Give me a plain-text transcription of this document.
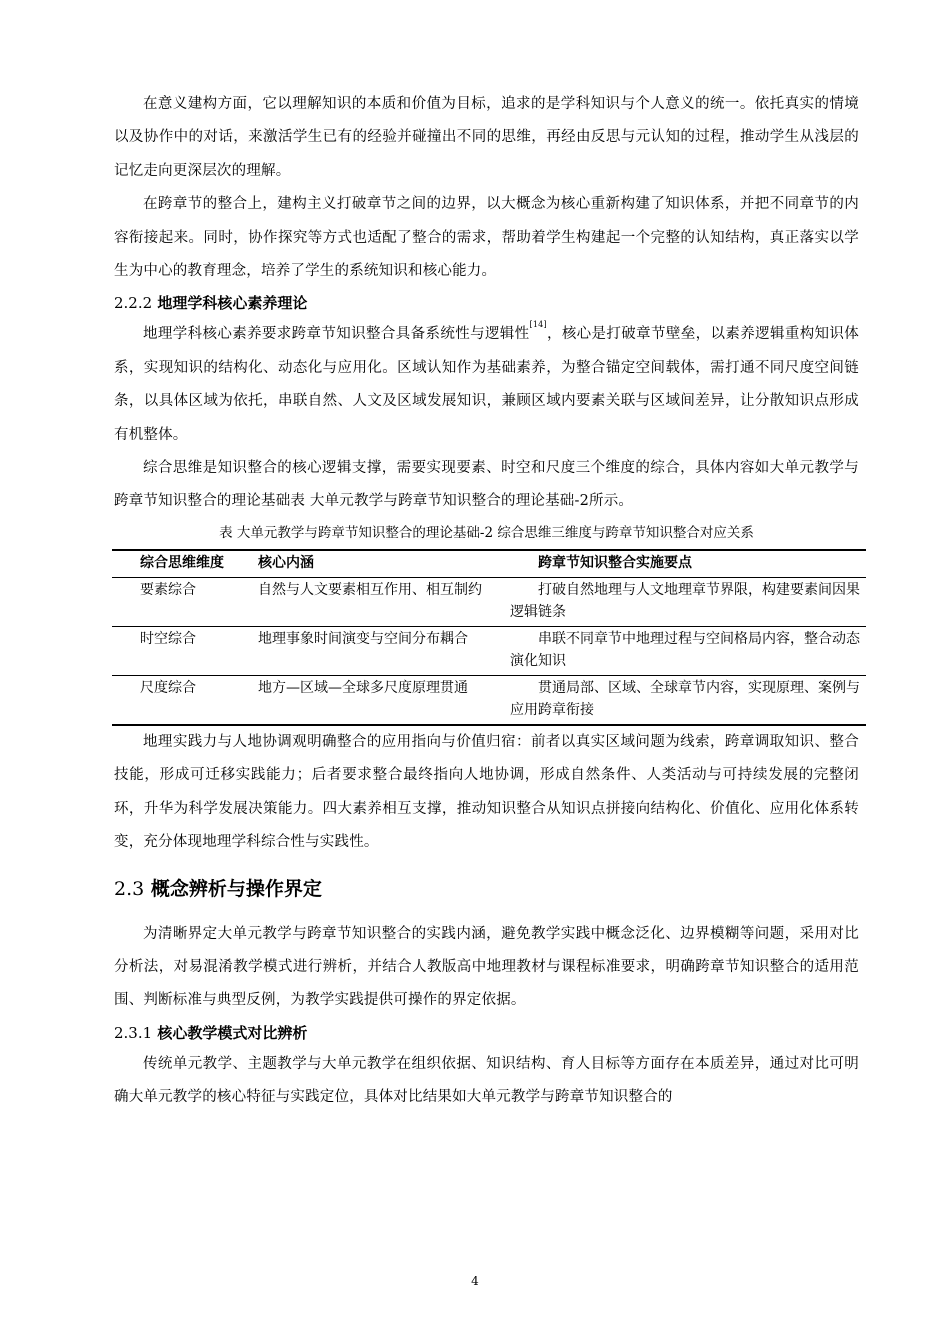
在意义建构方面，它以理解知识的本质和价值为目标，追求的是学科知识与个人意义的统一。依托真实的情境以及协作中的对话，来激活学生已有的经验并碰撞出不同的思维，再经由反思与元认知的过程，推动学生从浅层的记忆走向更深层次的理解。

在跨章节的整合上，建构主义打破章节之间的边界，以大概念为核心重新构建了知识体系，并把不同章节的内容衔接起来。同时，协作探究等方式也适配了整合的需求，帮助着学生构建起一个完整的认知结构，真正落实以学生为中心的教育理念，培养了学生的系统知识和核心能力。

2.2.2 地理学科核心素养理论

地理学科核心素养要求跨章节知识整合具备系统性与逻辑性[14]，核心是打破章节壁垒，以素养逻辑重构知识体系，实现知识的结构化、动态化与应用化。区域认知作为基础素养，为整合锚定空间载体，需打通不同尺度空间链条，以具体区域为依托，串联自然、人文及区域发展知识，兼顾区域内要素关联与区域间差异，让分散知识点形成有机整体。

综合思维是知识整合的核心逻辑支撑，需要实现要素、时空和尺度三个维度的综合，具体内容如大单元教学与跨章节知识整合的理论基础表 大单元教学与跨章节知识整合的理论基础-2所示。

表 大单元教学与跨章节知识整合的理论基础-2 综合思维三维度与跨章节知识整合对应关系
综合思维维度	核心内涵	跨章节知识整合实施要点

要素综合	自然与人文要素相互作用、相互制约	打破自然地理与人文地理章节界限，构建要素间因果逻辑链条

时空综合	地理事象时间演变与空间分布耦合	串联不同章节中地理过程与空间格局内容，整合动态演化知识

尺度综合	地方—区域—全球多尺度原理贯通	贯通局部、区域、全球章节内容，实现原理、案例与应用跨章衔接

地理实践力与人地协调观明确整合的应用指向与价值归宿：前者以真实区域问题为线索，跨章调取知识、整合技能，形成可迁移实践能力；后者要求整合最终指向人地协调，形成自然条件、人类活动与可持续发展的完整闭环，升华为科学发展决策能力。四大素养相互支撑，推动知识整合从知识点拼接向结构化、价值化、应用化体系转变，充分体现地理学科综合性与实践性。

2.3 概念辨析与操作界定

为清晰界定大单元教学与跨章节知识整合的实践内涵，避免教学实践中概念泛化、边界模糊等问题，采用对比分析法，对易混淆教学模式进行辨析，并结合人教版高中地理教材与课程标准要求，明确跨章节知识整合的适用范围、判断标准与典型反例，为教学实践提供可操作的界定依据。

2.3.1 核心教学模式对比辨析

传统单元教学、主题教学与大单元教学在组织依据、知识结构、育人目标等方面存在本质差异，通过对比可明确大单元教学的核心特征与实践定位，具体对比结果如大单元教学与跨章节知识整合的

4
